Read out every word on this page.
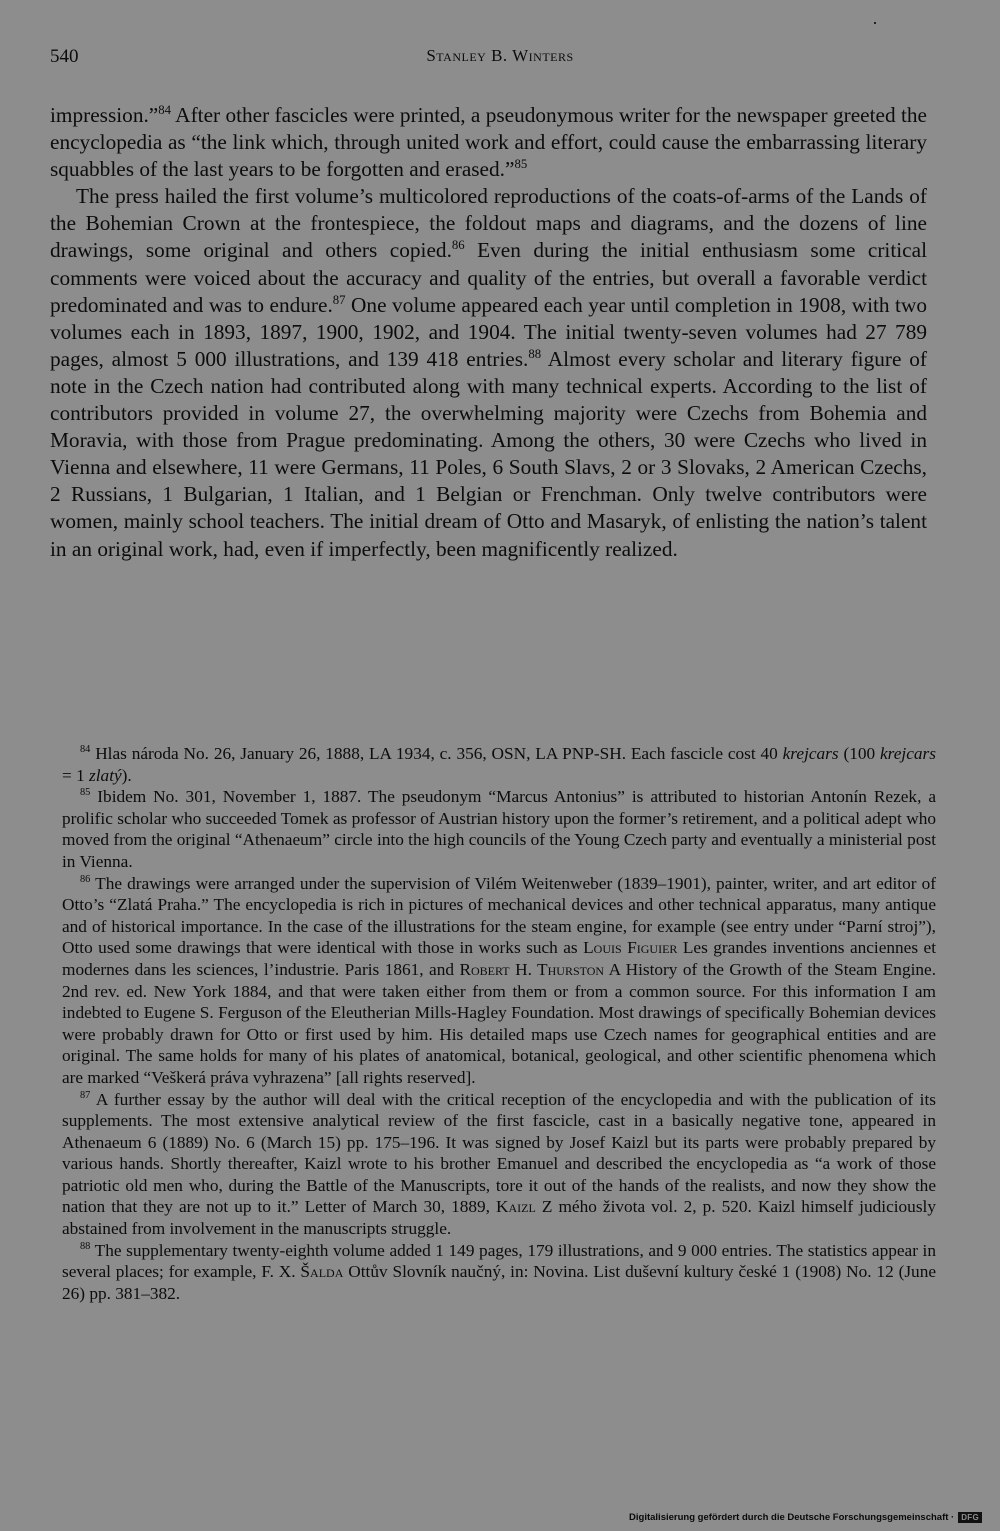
540	Stanley B. Winters

impression.”$^{84}$ After other fascicles were printed, a pseudonymous writer for the newspaper greeted the encyclopedia as “the link which, through united work and effort, could cause the embarrassing literary squabbles of the last years to be forgotten and erased.”$^{85}$

The press hailed the first volume’s multicolored reproductions of the coats-of-arms of the Lands of the Bohemian Crown at the frontespiece, the foldout maps and diagrams, and the dozens of line drawings, some original and others copied.$^{86}$ Even during the initial enthusiasm some critical comments were voiced about the accuracy and quality of the entries, but overall a favorable verdict predominated and was to endure.$^{87}$ One volume appeared each year until completion in 1908, with two volumes each in 1893, 1897, 1900, 1902, and 1904. The initial twenty-seven volumes had 27 789 pages, almost 5 000 illustrations, and 139 418 entries.$^{88}$ Almost every scholar and literary figure of note in the Czech nation had contributed along with many technical experts. According to the list of contributors provided in volume 27, the overwhelming majority were Czechs from Bohemia and Moravia, with those from Prague predominating. Among the others, 30 were Czechs who lived in Vienna and elsewhere, 11 were Germans, 11 Poles, 6 South Slavs, 2 or 3 Slovaks, 2 American Czechs, 2 Russians, 1 Bulgarian, 1 Italian, and 1 Belgian or Frenchman. Only twelve contributors were women, mainly school teachers. The initial dream of Otto and Masaryk, of enlisting the nation’s talent in an original work, had, even if imperfectly, been magnificently realized.

$^{84}$ Hlas národa No. 26, January 26, 1888, LA 1934, c. 356, OSN, LA PNP-SH. Each fascicle cost 40 krejcars (100 krejcars = 1 zlatý).

$^{85}$ Ibidem No. 301, November 1, 1887. The pseudonym “Marcus Antonius” is attributed to historian Antonín Rezek, a prolific scholar who succeeded Tomek as professor of Austrian history upon the former’s retirement, and a political adept who moved from the original “Athenaeum” circle into the high councils of the Young Czech party and eventually a ministerial post in Vienna.

$^{86}$ The drawings were arranged under the supervision of Vilém Weitenweber (1839–1901), painter, writer, and art editor of Otto’s “Zlatá Praha.” The encyclopedia is rich in pictures of mechanical devices and other technical apparatus, many antique and of historical importance. In the case of the illustrations for the steam engine, for example (see entry under “Parní stroj”), Otto used some drawings that were identical with those in works such as Louis Figuier Les grandes inventions anciennes et modernes dans les sciences, l’industrie. Paris 1861, and Robert H. Thurston A History of the Growth of the Steam Engine. 2nd rev. ed. New York 1884, and that were taken either from them or from a common source. For this information I am indebted to Eugene S. Ferguson of the Eleutherian Mills-Hagley Foundation. Most drawings of specifically Bohemian devices were probably drawn for Otto or first used by him. His detailed maps use Czech names for geographical entities and are original. The same holds for many of his plates of anatomical, botanical, geological, and other scientific phenomena which are marked “Veškerá práva vyhrazena” [all rights reserved].

$^{87}$ A further essay by the author will deal with the critical reception of the encyclopedia and with the publication of its supplements. The most extensive analytical review of the first fascicle, cast in a basically negative tone, appeared in Athenaeum 6 (1889) No. 6 (March 15) pp. 175–196. It was signed by Josef Kaizl but its parts were probably prepared by various hands. Shortly thereafter, Kaizl wrote to his brother Emanuel and described the encyclopedia as “a work of those patriotic old men who, during the Battle of the Manuscripts, tore it out of the hands of the realists, and now they show the nation that they are not up to it.” Letter of March 30, 1889, Kaizl Z mého života vol. 2, p. 520. Kaizl himself judiciously abstained from involvement in the manuscripts struggle.

$^{88}$ The supplementary twenty-eighth volume added 1 149 pages, 179 illustrations, and 9 000 entries. The statistics appear in several places; for example, F. X. Šalda Ottův Slovník naučný, in: Novina. List duševní kultury české 1 (1908) No. 12 (June 26) pp. 381–382.

Digitalisierung gefördert durch die Deutsche Forschungsgemeinschaft · DFG
